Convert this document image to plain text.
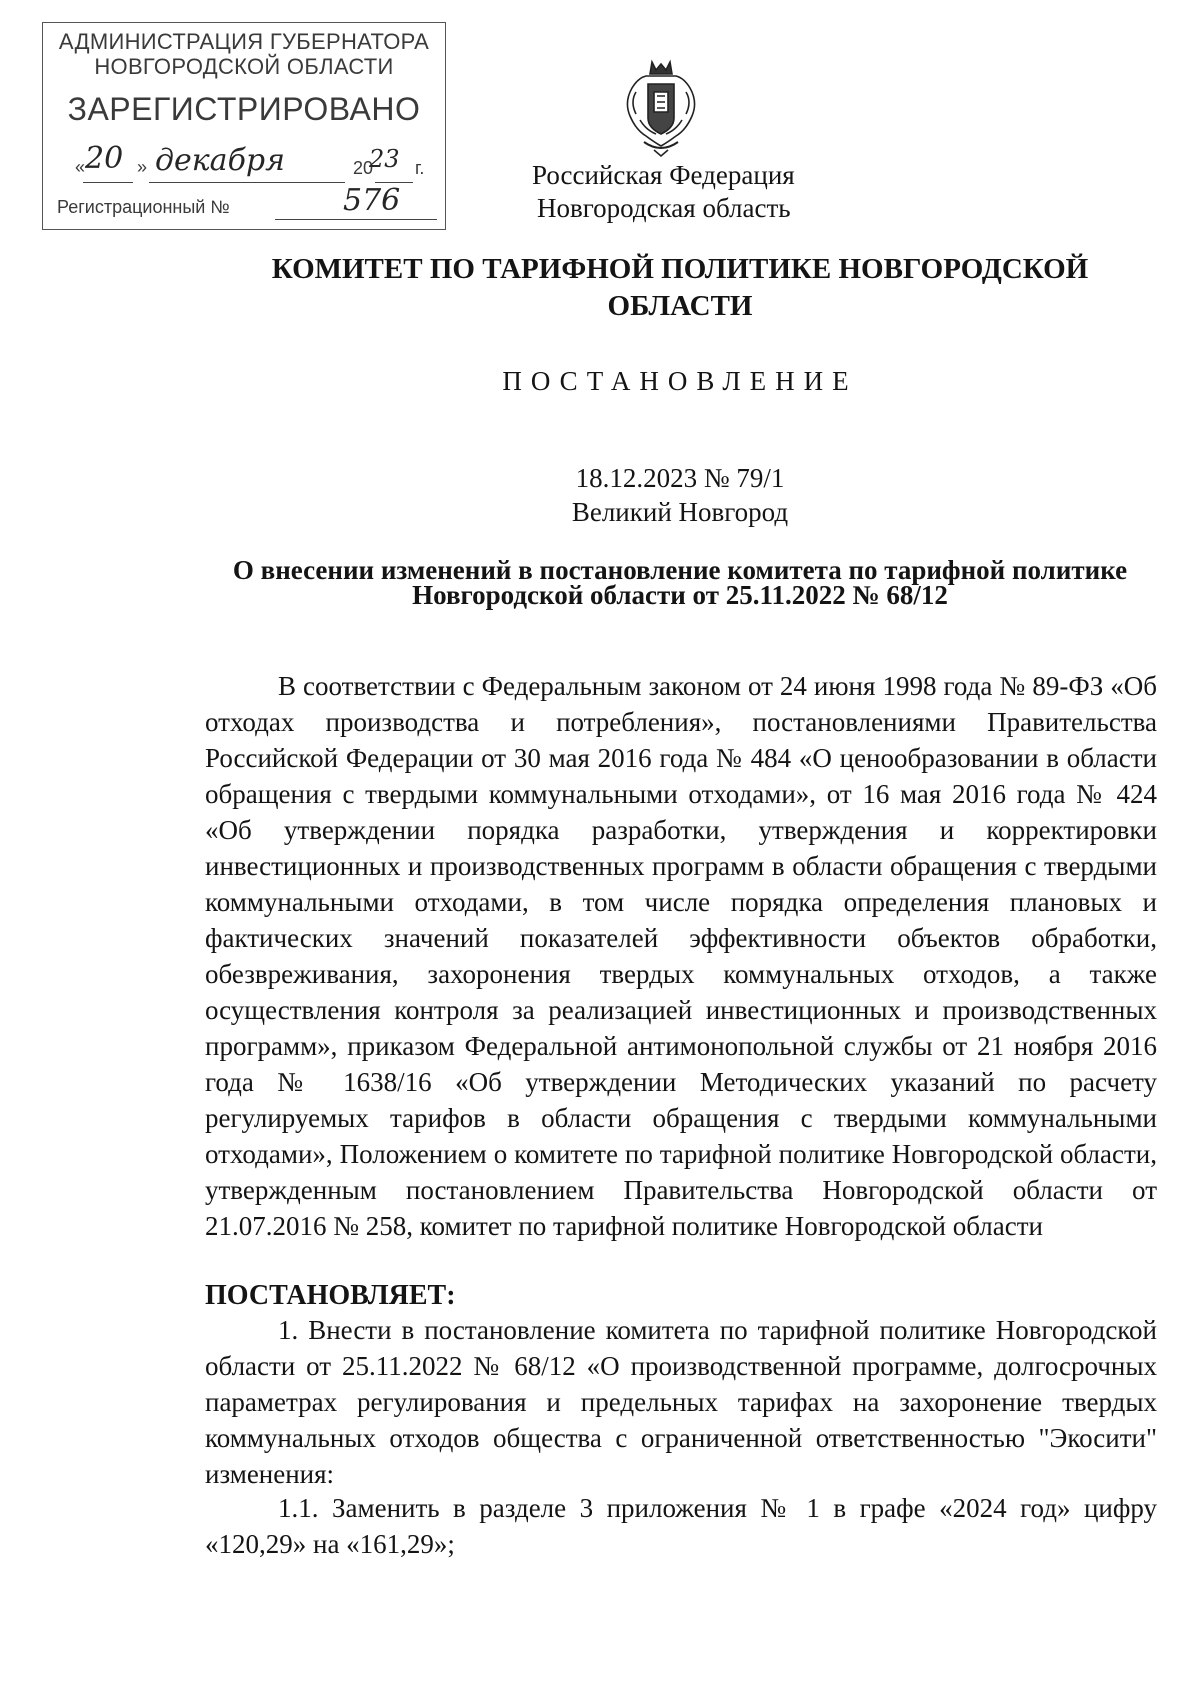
АДМИНИСТРАЦИЯ ГУБЕРНАТОРА
НОВГОРОДСКОЙ ОБЛАСТИ
ЗАРЕГИСТРИРОВАНО
« 20 » декабря	20
23 г.
Регистрационный №	576
Российская Федерация
Новгородская область
КОМИТЕТ ПО ТАРИФНОЙ ПОЛИТИКЕ НОВГОРОДСКОЙ
ОБЛАСТИ
ПОСТАНОВЛЕНИЕ
18.12.2023 № 79/1
Великий Новгород
О внесении изменений в постановление комитета по тарифной политике
Новгородской области от 25.11.2022 № 68/12
В соответствии с Федеральным законом от 24 июня 1998 года № 89-ФЗ «Об отходах производства и потребления», постановлениями Правительства Российской Федерации от 30 мая 2016 года № 484 «О ценообразовании в области обращения с твердыми коммунальными отходами», от 16 мая 2016 года № 424 «Об утверждении порядка разработки, утверждения и корректировки инвестиционных и производственных программ в области обращения с твердыми коммунальными отходами, в том числе порядка определения плановых и фактических значений показателей эффективности объектов обработки, обезвреживания, захоронения твердых коммунальных отходов, а также осуществления контроля за реализацией инвестиционных и производственных программ», приказом Федеральной антимонопольной службы от 21 ноября 2016 года № 1638/16 «Об утверждении Методических указаний по расчету регулируемых тарифов в области обращения с твердыми коммунальными отходами», Положением о комитете по тарифной политике Новгородской области, утвержденным постановлением Правительства Новгородской области от 21.07.2016 № 258, комитет по тарифной политике Новгородской области
ПОСТАНОВЛЯЕТ:
1. Внести в постановление комитета по тарифной политике Новгородской области от 25.11.2022 № 68/12 «О производственной программе, долгосрочных параметрах регулирования и предельных тарифах на захоронение твердых коммунальных отходов общества с ограниченной ответственностью "Экосити" изменения:
1.1. Заменить в разделе 3 приложения № 1 в графе «2024 год» цифру «120,29» на «161,29»;
